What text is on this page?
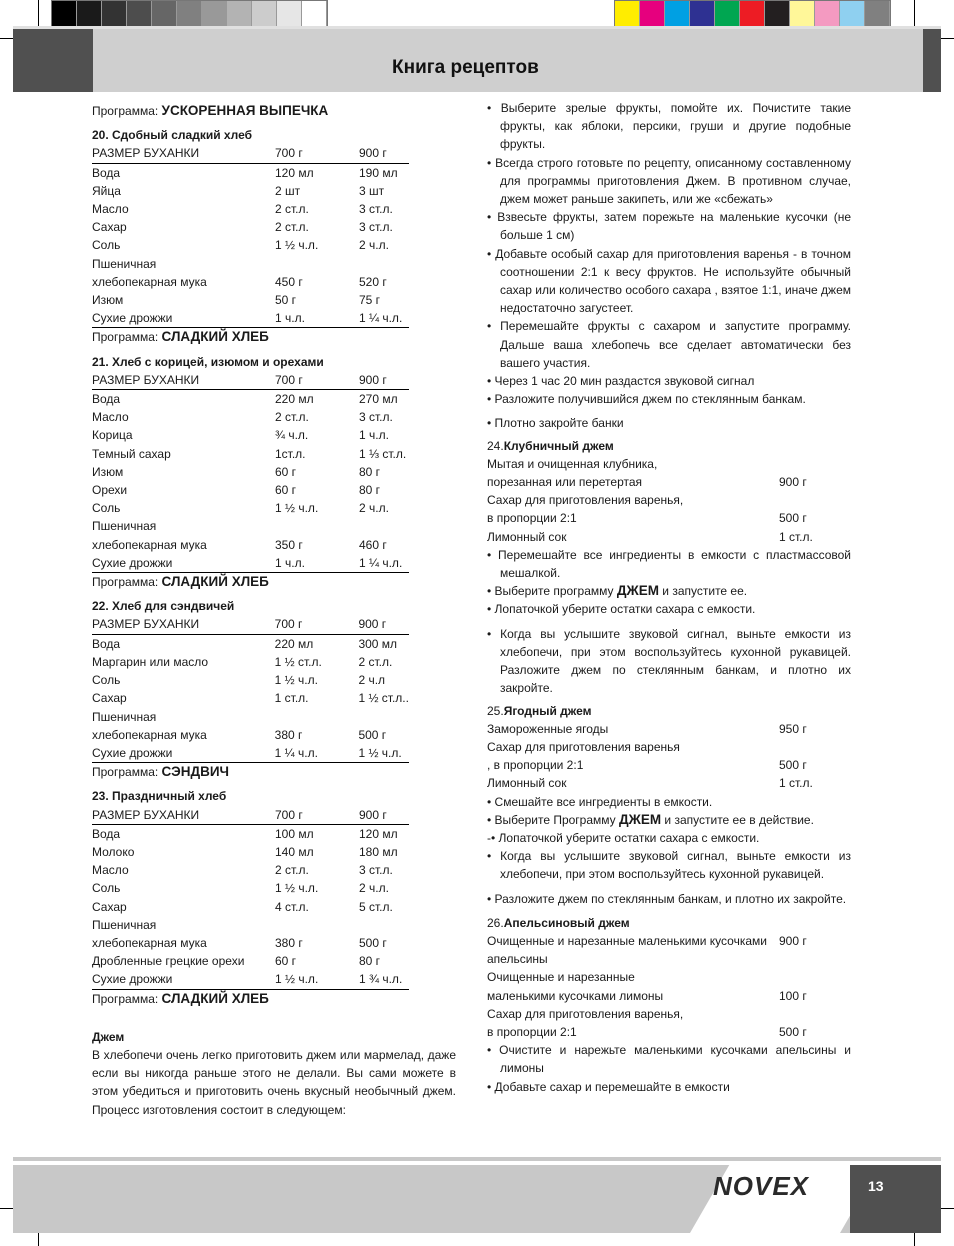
Книга рецептов

Программа: УСКОРЕННАЯ ВЫПЕЧКА

20. Сдобный сладкий хлеб
РАЗМЕР БУХАНКИ	700 г	900 г
Вода	120 мл	190 мл
Яйца	2 шт	3 шт
Масло	2 ст.л.	3 ст.л.
Сахар	2 ст.л.	3 ст.л.
Соль	1 ½ ч.л.	2 ч.л.
Пшеничная		
хлебопекарная мука	450 г	520 г
Изюм	50 г	75 г
Сухие дрожжи	1 ч.л.	1 ¼ ч.л.

Программа: СЛАДКИЙ ХЛЕБ

21. Хлеб с корицей, изюмом и орехами
РАЗМЕР БУХАНКИ	700 г	900 г
Вода	220 мл	270 мл
Масло	2 ст.л.	3 ст.л.
Корица	¾ ч.л.	1 ч.л.
Темный сахар	1ст.л.	1 ⅓ ст.л.
Изюм	60 г	80 г
Орехи	60 г	80 г
Соль	1 ½ ч.л.	2 ч.л.
Пшеничная		
хлебопекарная мука	350 г	460 г
Сухие дрожжи	1 ч.л.	1 ¼ ч.л.

Программа: СЛАДКИЙ ХЛЕБ

22. Хлеб для сэндвичей
РАЗМЕР БУХАНКИ	700 г	900 г
Вода	220 мл	300 мл
Маргарин или масло	1 ½ ст.л.	2 ст.л.
Соль	1 ½ ч.л.	2 ч.л
Сахар	1 ст.л.	1 ½ ст.л..
Пшеничная		
хлебопекарная мука	380 г	500 г
Сухие дрожжи	1 ¼ ч.л.	1 ½ ч.л.

Программа: СЭНДВИЧ

23. Праздничный хлеб
РАЗМЕР БУХАНКИ	700 г	900 г
Вода	100 мл	120 мл
Молоко	140 мл	180 мл
Масло	2 ст.л.	3 ст.л.
Соль	1 ½ ч.л.	2 ч.л.
Сахар	4 ст.л.	5 ст.л.
Пшеничная		
хлебопекарная мука	380 г	500 г
Дробленные грецкие орехи	60 г	80 г
Сухие дрожжи	1 ½ ч.л.	1 ¾ ч.л.

Программа: СЛАДКИЙ ХЛЕБ

Джем

В хлебопечи очень легко приготовить джем или мармелад, даже если вы никогда раньше этого не делали. Вы сами можете в этом убедиться и приготовить очень вкусный необычный джем. Процесс изготовления состоит в следующем:

• Выберите зрелые фрукты, помойте их. Почистите такие фрукты, как яблоки, персики, груши и другие подобные фрукты.

• Всегда строго готовьте по рецепту, описанному составленному для программы приготовления Джем. В противном случае, джем может раньше закипеть, или же «сбежать»

• Взвесьте фрукты, затем порежьте на маленькие кусочки (не больше 1 см)

• Добавьте особый сахар для приготовления варенья - в точном соотношении 2:1 к весу фруктов. Не используйте обычный сахар или количество особого сахара , взятое 1:1, иначе джем недостаточно загустеет.

• Перемешайте фрукты с сахаром и запустите программу. Дальше ваша хлебопечь все сделает автоматически без вашего участия.

• Через 1 час 20 мин раздастся звуковой сигнал

• Разложите получившийся джем по стеклянным банкам.

• Плотно закройте банки

24.Клубничный джем
Мытая и очищенная клубника,
порезанная или перетертая	900 г
Сахар для приготовления варенья,
в пропорции 2:1	500 г
Лимонный сок	1 ст.л.

• Перемешайте все ингредиенты в емкости с пластмассовой мешалкой.

• Выберите программу ДЖЕМ и запустите ее.

• Лопаточкой уберите остатки сахара с емкости.

• Когда вы услышите звуковой сигнал, выньте емкости из хлебопечи, при этом воспользуйтесь кухонной рукавицей. Разложите джем по стеклянным банкам, и плотно их закройте.

25.Ягодный джем
Замороженные ягоды	950 г
Сахар для приготовления варенья
, в пропорции 2:1	500 г
Лимонный сок	1 ст.л.

• Смешайте все ингредиенты в емкости.

• Выберите Программу ДЖЕМ и запустите ее в действие.

-• Лопаточкой уберите остатки сахара с емкости.

• Когда вы услышите звуковой сигнал, выньте емкости из хлебопечи, при этом воспользуйтесь кухонной рукавицей.

• Разложите джем по стеклянным банкам, и плотно их закройте.

26.Апельсиновый джем
Очищенные и нарезанные маленькими кусочками апельсины
900 г
Очищенные и нарезанные
маленькими кусочками лимоны	100 г
Сахар для приготовления варенья,
в пропорции 2:1	500 г

• Очистите и нарежьте маленькими кусочками апельсины и лимоны

• Добавьте сахар и перемешайте в емкости

NOVEX	13
